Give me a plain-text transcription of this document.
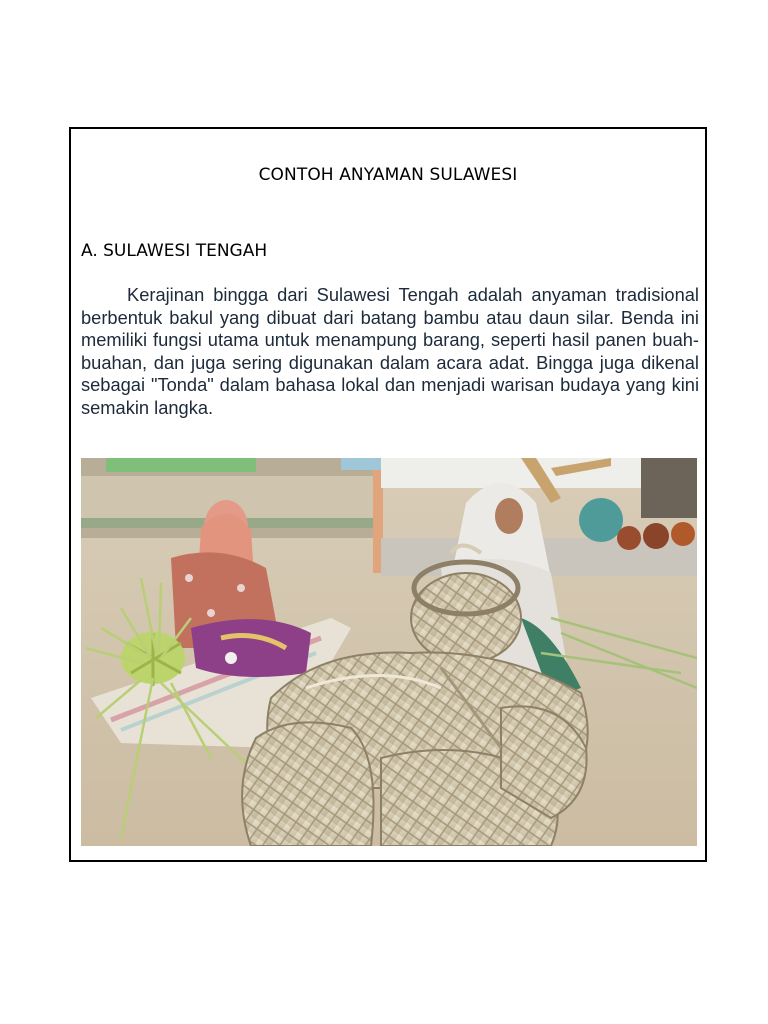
CONTOH ANYAMAN SULAWESI
A. SULAWESI TENGAH

Kerajinan bingga dari Sulawesi Tengah adalah anyaman tradisional berbentuk bakul yang dibuat dari batang bambu atau daun silar. Benda ini memiliki fungsi utama untuk menampung barang, seperti hasil panen buah-buahan, dan juga sering digunakan dalam acara adat. Bingga juga dikenal sebagai "Tonda" dalam bahasa lokal dan menjadi warisan budaya yang kini semakin langka.
